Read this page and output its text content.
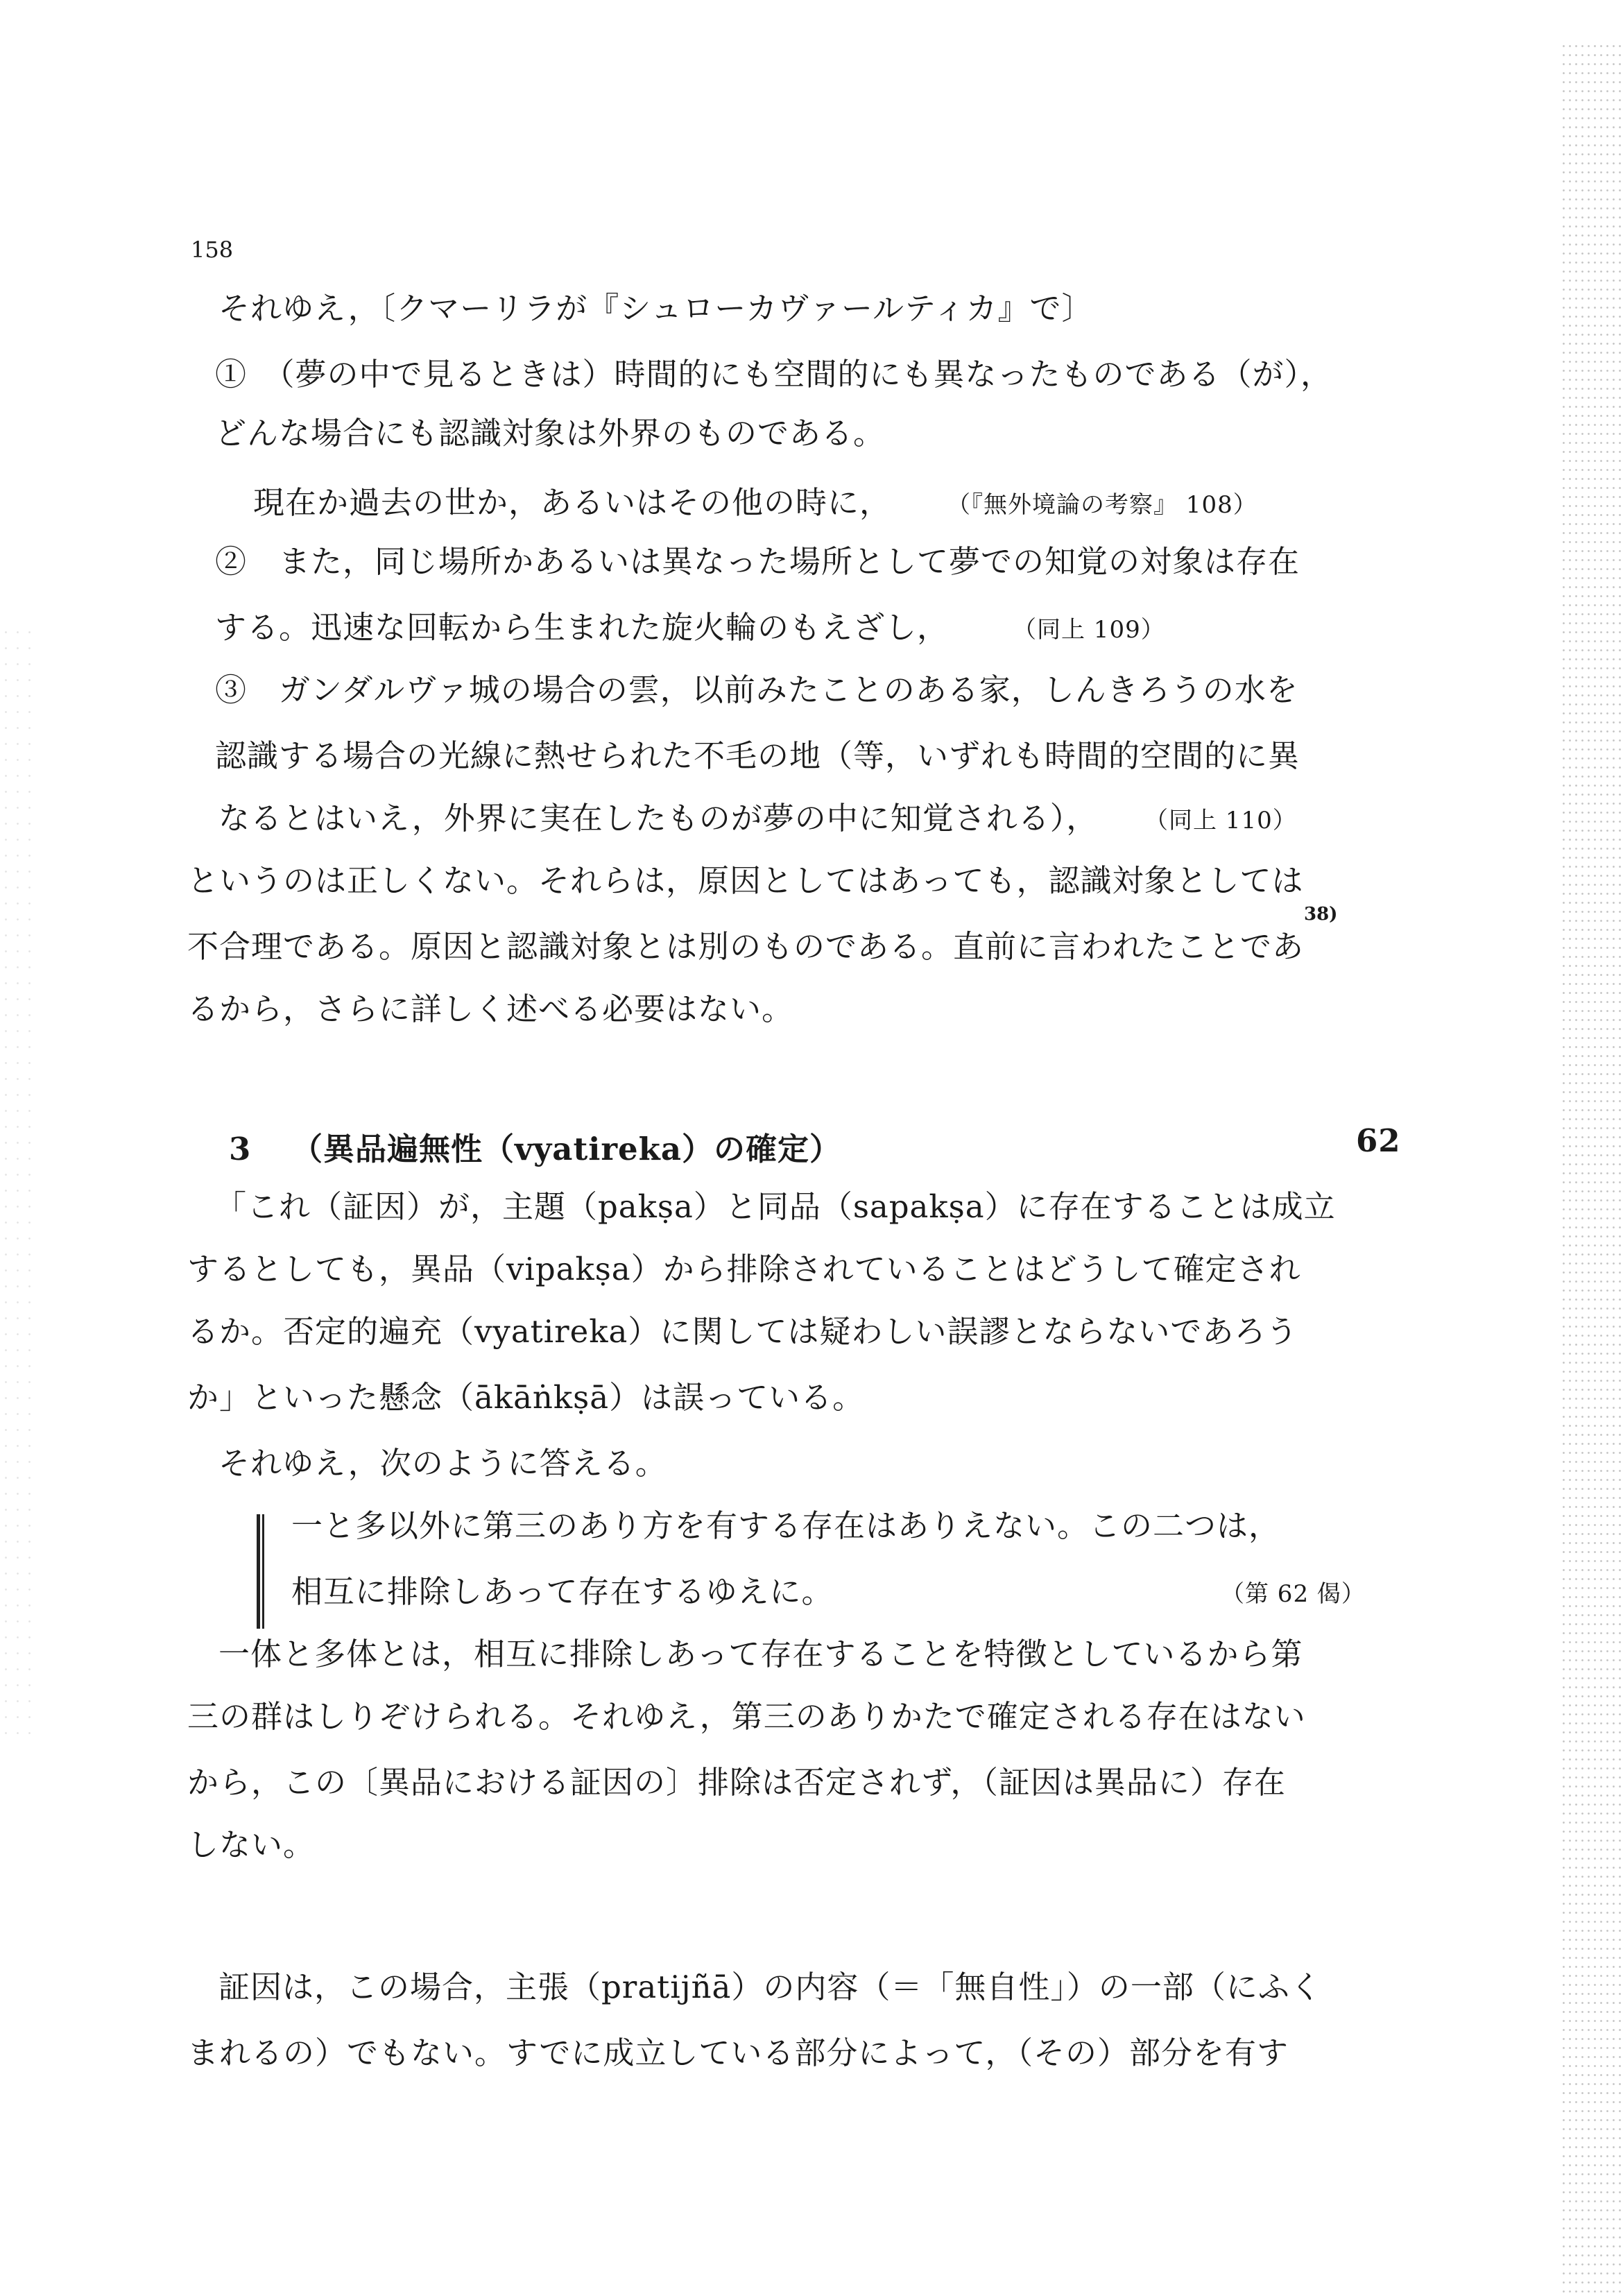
158
それゆえ，〔クマーリラが『シュローカヴァールティカ』で〕
①　（夢の中で見るときは）時間的にも空間的にも異なったものである（が），
どんな場合にも認識対象は外界のものである。
現在か過去の世か，あるいはその他の時に， （『無外境論の考察』 108）
②　また，同じ場所かあるいは異なった場所として夢での知覚の対象は存在
する。迅速な回転から生まれた旋火輪のもえざし，	（同上 109）
③　ガンダルヴァ城の場合の雲，以前みたことのある家，しんきろうの水を
認識する場合の光線に熱せられた不毛の地（等，いずれも時間的空間的に異
なるとはいえ，外界に実在したものが夢の中に知覚される）， （同上 110）
というのは正しくない。それらは，原因としてはあっても，認識対象としては
38)
不合理である。原因と認識対象とは別のものである。直前に言われたことであ
るから，さらに詳しく述べる必要はない。
3 （異品遍無性（vyatireka）の確定）	62
「これ（証因）が，主題（pakṣa）と同品（sapakṣa）に存在することは成立
するとしても，異品（vipakṣa）から排除されていることはどうして確定され
るか。否定的遍充（vyatireka）に関しては疑わしい誤謬とならないであろう
か」といった懸念（ākāṅkṣā）は誤っている。
それゆえ，次のように答える。
一と多以外に第三のあり方を有する存在はありえない。この二つは，
相互に排除しあって存在するゆえに。	（第 62 偈）
一体と多体とは，相互に排除しあって存在することを特徴としているから第
三の群はしりぞけられる。それゆえ，第三のありかたで確定される存在はない
から，この〔異品における証因の〕排除は否定されず，（証因は異品に）存在
しない。
証因は，この場合，主張（pratijñā）の内容（＝「無自性」）の一部（にふく
まれるの）でもない。すでに成立している部分によって，（その）部分を有す
